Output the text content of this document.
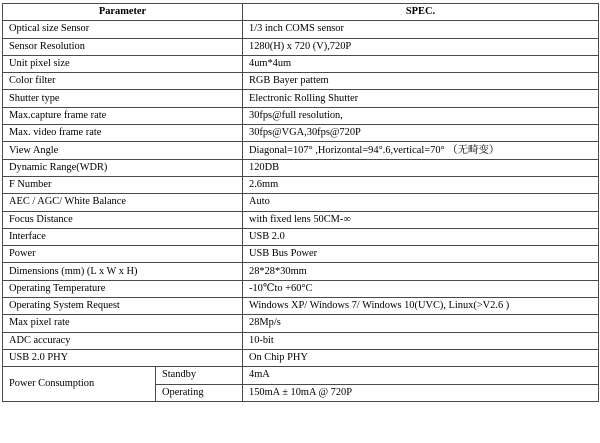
Parameter		SPEC.
Optical size Sensor		1/3 inch COMS sensor
Sensor Resolution		1280(H) x 720 (V),720P
Unit pixel size		4um*4um
Color filter		RGB Bayer pattem
Shutter type		Electronic Rolling Shutter
Max.capture frame rate		30fps@full resolution,
Max. video frame rate		30fps@VGA,30fps@720P
View Angle		Diagonal=107° ,Horizontal=94°.6,vertical=70° （无畸变）
Dynamic Range(WDR)		120DB
F Number		2.6mm
AEC / AGC/ White Balance		Auto
Focus Distance		with fixed lens 50CM-∞
Interface		USB 2.0
Power		USB Bus Power
Dimensions (mm) (L x W x H)		28*28*30mm
Operating Temperature		-10℃to +60°C
Operating System Request		Windows XP/ Windows 7/ Windows 10(UVC), Linux(>V2.6 )
Max pixel rate		28Mp/s
ADC accuracy		10-bit
USB 2.0 PHY		On Chip PHY
Power Consumption	Standby	4mA
	Operating	150mA ± 10mA @ 720P
